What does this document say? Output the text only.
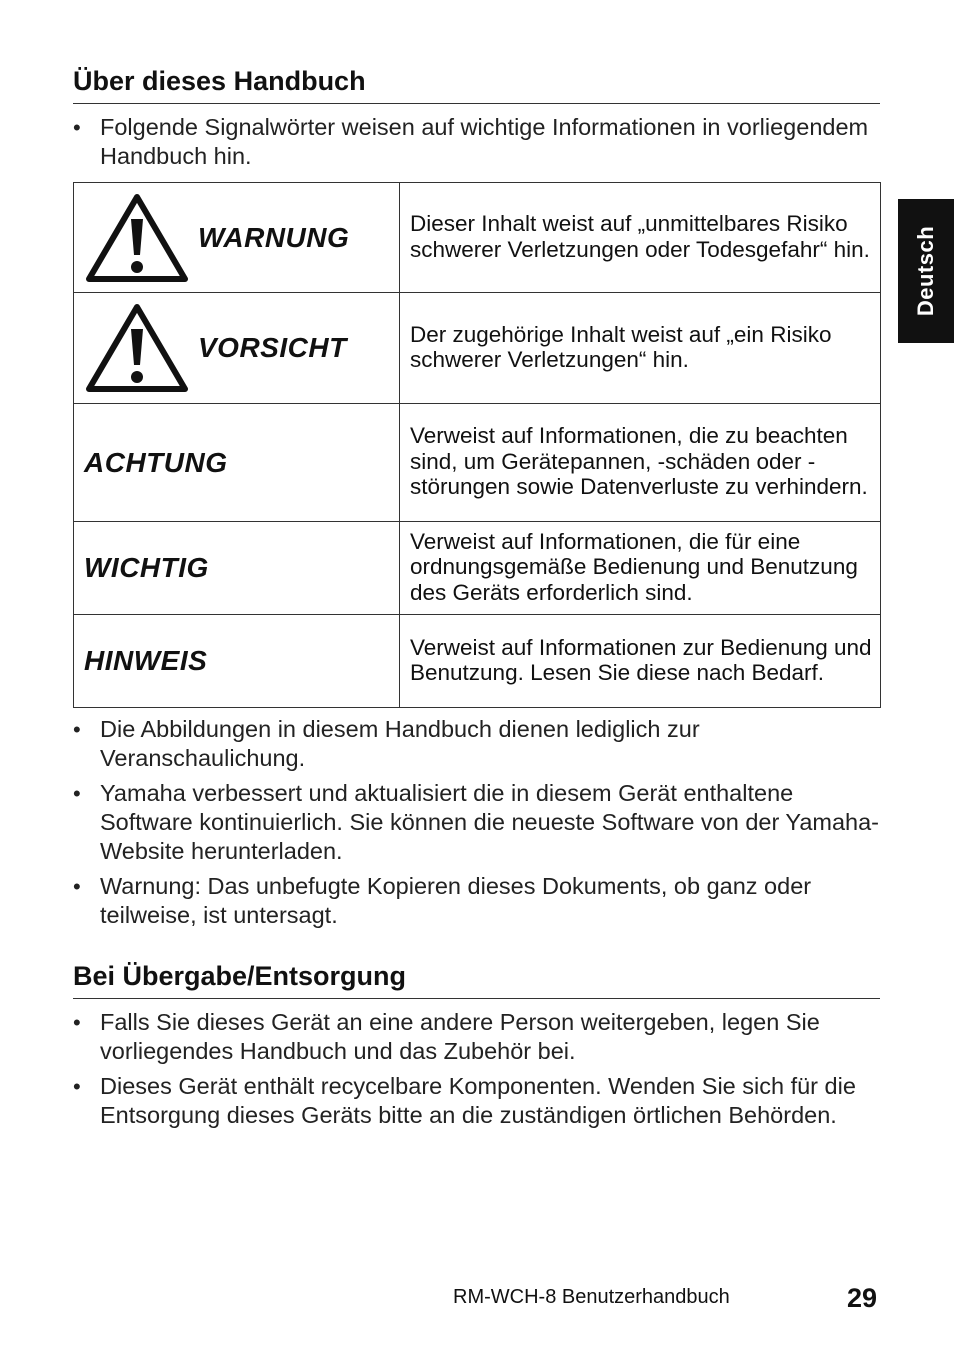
Über dieses Handbuch
• Folgende Signalwörter weisen auf wichtige Informationen in vorliegendem Handbuch hin.
WARNUNG	Dieser Inhalt weist auf „unmittelbares Risiko schwerer Verletzungen oder Todesgefahr“ hin.

VORSICHT	Der zugehörige Inhalt weist auf „ein Risiko schwerer Verletzungen“ hin.
ACHTUNG	Verweist auf Informationen, die zu beachten sind, um Gerätepannen, -schäden oder -störungen sowie Datenverluste zu verhindern.
WICHTIG	Verweist auf Informationen, die für eine ordnungsgemäße Bedienung und Benutzung des Geräts erforderlich sind.
HINWEIS	Verweist auf Informationen zur Bedienung und Benutzung. Lesen Sie diese nach Bedarf.
• Die Abbildungen in diesem Handbuch dienen lediglich zur Veranschaulichung.
• Yamaha verbessert und aktualisiert die in diesem Gerät enthaltene Software kontinuierlich. Sie können die neueste Software von der Yamaha-Website herunterladen.
• Warnung: Das unbefugte Kopieren dieses Dokuments, ob ganz oder teilweise, ist untersagt.
Bei Übergabe/Entsorgung
• Falls Sie dieses Gerät an eine andere Person weitergeben, legen Sie vorliegendes Handbuch und das Zubehör bei.
• Dieses Gerät enthält recycelbare Komponenten. Wenden Sie sich für die Entsorgung dieses Geräts bitte an die zuständigen örtlichen Behörden.
Deutsch
RM-WCH-8 Benutzerhandbuch	29
